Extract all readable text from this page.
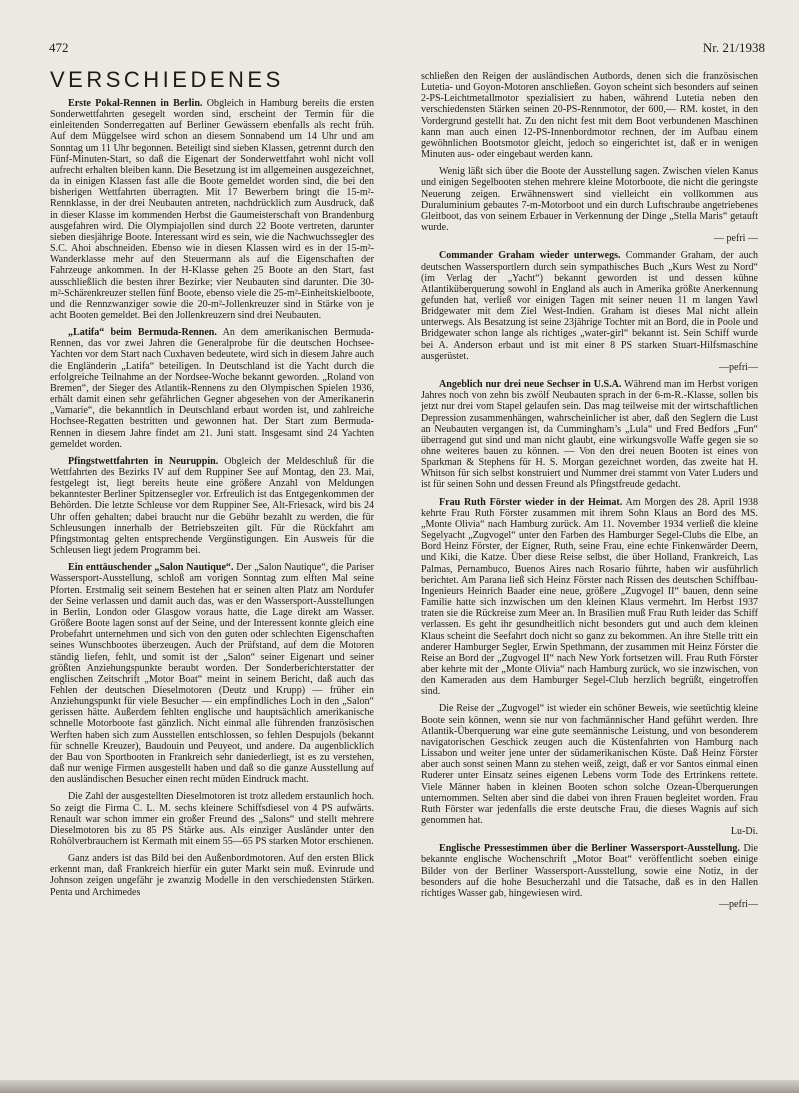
472	Nr. 21/1938
VERSCHIEDENES

Erste Pokal-Rennen in Berlin. Obgleich in Hamburg bereits die ersten Sonderwettfahrten gesegelt worden sind, erscheint der Termin für die einleitenden Sonderregatten auf Berliner Gewässern ebenfalls als recht früh. Auf dem Müggelsee wird schon an diesem Sonnabend um 14 Uhr und am Sonntag um 11 Uhr begonnen. Beteiligt sind sieben Klassen, getrennt durch den Fünf-Minuten-Start, so daß die Eigenart der Sonderwettfahrt wohl nicht voll aufrecht erhalten bleiben kann. Die Besetzung ist im allgemeinen ausgezeichnet, da in einigen Klassen fast alle die Boote gemeldet worden sind, die bei den bisherigen Wettfahrten überragten. Mit 17 Bewerbern bringt die 15-m²-Rennklasse, in der drei Neubauten antreten, nachdrücklich zum Ausdruck, daß in dieser Klasse im kommenden Herbst die Gaumeisterschaft von Brandenburg ausgefahren wird. Die Olympiajollen sind durch 22 Boote vertreten, darunter sieben diesjährige Boote. Interessant wird es sein, wie die Nachwuchssegler des S.C. Ahoi abschneiden. Ebenso wie in diesen Klassen wird es in der 15-m²-Wanderklasse mehr auf den Steuermann als auf die Eigenschaften der Fahrzeuge ankommen. In der H-Klasse gehen 25 Boote an den Start, fast ausschließlich die besten ihrer Bezirke; vier Neubauten sind darunter. Die 30-m²-Schärenkreuzer stellen fünf Boote, ebenso viele die 25-m²-Einheitskielboote, und die Rennzwanziger sowie die 20-m²-Jollenkreuzer sind in Stärke von je acht Booten gemeldet. Bei den Jollenkreuzern sind drei Neubauten.

„Latifa“ beim Bermuda-Rennen. An dem amerikanischen Bermuda-Rennen, das vor zwei Jahren die Generalprobe für die deutschen Hochsee-Yachten vor dem Start nach Cuxhaven bedeutete, wird sich in diesem Jahre auch die Engländerin „Latifa“ beteiligen. In Deutschland ist die Yacht durch die erfolgreiche Teilnahme an der Nordsee-Woche bekannt geworden. „Roland von Bremen“, der Sieger des Atlantik-Rennens zu den Olympischen Spielen 1936, erhält damit einen sehr gefährlichen Gegner abgesehen von der Amerikanerin „Vamarie“, die bekanntlich in Deutschland erbaut worden ist, und zahlreiche Hochsee-Regatten bestritten und gewonnen hat. Der Start zum Bermuda-Rennen in diesem Jahre findet am 21. Juni statt. Insgesamt sind 24 Yachten gemeldet worden.

Pfingstwettfahrten in Neuruppin. Obgleich der Meldeschluß für die Wettfahrten des Bezirks IV auf dem Ruppiner See auf Montag, den 23. Mai, festgelegt ist, liegt bereits heute eine größere Anzahl von Meldungen bekanntester Berliner Spitzensegler vor. Erfreulich ist das Entgegenkommen der Behörden. Die letzte Schleuse vor dem Ruppiner See, Alt-Friesack, wird bis 24 Uhr offen gehalten; dabei braucht nur die Gebühr bezahlt zu werden, die für Schleusungen innerhalb der Betriebszeiten gilt. Für die Rückfahrt am Pfingstmontag gelten entsprechende Vergünstigungen. Ein Ausweis für die Schleusen liegt jedem Programm bei.

Ein enttäuschender „Salon Nautique“. Der „Salon Nautique“, die Pariser Wassersport-Ausstellung, schloß am vorigen Sonntag zum elften Mal seine Pforten. Erstmalig seit seinem Bestehen hat er seinen alten Platz am Nordufer der Seine verlassen und damit auch das, was er den Wassersport-Ausstellungen in Berlin, London oder Glasgow voraus hatte, die Lage direkt am Wasser. Größere Boote lagen sonst auf der Seine, und der Interessent konnte gleich eine Probefahrt unternehmen und sich von den guten oder schlechten Eigenschaften seines Wunschbootes überzeugen. Auch der Prüfstand, auf dem die Motoren ständig liefen, fehlt, und somit ist der „Salon“ seiner Eigenart und seiner größten Anziehungspunkte beraubt worden. Der Sonderberichterstatter der englischen Zeitschrift „Motor Boat“ meint in seinem Bericht, daß auch das Fehlen der deutschen Dieselmotoren (Deutz und Krupp) — früher ein Anziehungspunkt für viele Besucher — ein empfindliches Loch in den „Salon“ gerissen hätte. Außerdem fehlten englische und hauptsächlich amerikanische schnelle Motorboote fast gänzlich. Nicht einmal alle führenden französischen Werften haben sich zum Ausstellen entschlossen, so fehlen Despujols (bekannt für schnelle Kreuzer), Baudouin und Peuyeot, und andere. Da augenblicklich der Bau von Sportbooten in Frankreich sehr daniederliegt, ist es zu verstehen, daß nur wenige Firmen ausgestellt haben und daß so die ganze Ausstellung auf den ausländischen Besucher einen recht müden Eindruck macht.

Die Zahl der ausgestellten Dieselmotoren ist trotz alledem erstaunlich hoch. So zeigt die Firma C. L. M. sechs kleinere Schiffsdiesel von 4 PS aufwärts. Renault war schon immer ein großer Freund des „Salons“ und stellt mehrere Dieselmotoren bis zu 85 PS Stärke aus. Als einziger Ausländer unter den Rohölverbrauchern ist Kermath mit einem 55—65 PS starken Motor erschienen.

Ganz anders ist das Bild bei den Außenbordmotoren. Auf den ersten Blick erkennt man, daß Frankreich hierfür ein guter Markt sein muß. Evinrude und Johnson zeigen ungefähr je zwanzig Modelle in den verschiedensten Stärken. Penta und Archimedes

schließen den Reigen der ausländischen Autbords, denen sich die französischen Lutetia- und Goyon-Motoren anschließen. Goyon scheint sich besonders auf seinen 2-PS-Leichtmetallmotor spezialisiert zu haben, während Lutetia neben den verschiedensten Stärken seinen 20-PS-Rennmotor, der 600,— RM. kostet, in den Vordergrund gestellt hat. Zu den nicht fest mit dem Boot verbundenen Maschinen kann man auch einen 12-PS-Innenbordmotor rechnen, der im Aufbau einem gewöhnlichen Bootsmotor gleicht, jedoch so eingerichtet ist, daß er in wenigen Minuten aus- oder eingebaut werden kann.

Wenig läßt sich über die Boote der Ausstellung sagen. Zwischen vielen Kanus und einigen Segelbooten stehen mehrere kleine Motorboote, die nicht die geringste Neuerung zeigen. Erwähnenswert sind vielleicht ein vollkommen aus Duraluminium gebautes 7-m-Motorboot und ein durch Luftschraube angetriebenes Gleitboot, das von seinem Erbauer in Verkennung der Dinge „Stella Maris“ getauft wurde.
— pefri —

Commander Graham wieder unterwegs. Commander Graham, der auch deutschen Wassersportlern durch sein sympathisches Buch „Kurs West zu Nord“ (im Verlag der „Yacht“) bekannt geworden ist und dessen kühne Atlantiküberquerung sowohl in England als auch in Amerika größte Anerkennung gefunden hat, verließ vor einigen Tagen mit seiner neuen 11 m langen Yawl Bridgewater mit dem Ziel West-Indien. Graham ist dieses Mal nicht allein unterwegs. Als Besatzung ist seine 23jährige Tochter mit an Bord, die in Poole und Bridgewater schon lange als richtiges „water-girl“ bekannt ist. Sein Schiff wurde bei A. Anderson erbaut und ist mit einer 8 PS starken Stuart-Hilfsmaschine ausgerüstet.
—pefri—

Angeblich nur drei neue Sechser in U.S.A. Während man im Herbst vorigen Jahres noch von zehn bis zwölf Neubauten sprach in der 6-m-R.-Klasse, sollen bis jetzt nur drei vom Stapel gelaufen sein. Das mag teilweise mit der wirtschaftlichen Depression zusammenhängen, wahrscheinlicher ist aber, daß den Seglern die Lust an Neubauten vergangen ist, da Cummingham’s „Lula“ und Fred Bedfors „Fun“ überragend gut sind und man nicht glaubt, eine wirkungsvolle Waffe gegen sie so ohne weiteres bauen zu können. — Von den drei neuen Booten ist eines von Sparkman & Stephens für H. S. Morgan gezeichnet worden, das zweite hat H. Whitson für sich selbst konstruiert und Nummer drei stammt von Vater Luders und ist für seinen Sohn und dessen Freund als Pfingstfreude gedacht.

Frau Ruth Förster wieder in der Heimat. Am Morgen des 28. April 1938 kehrte Frau Ruth Förster zusammen mit ihrem Sohn Klaus an Bord des MS. „Monte Olivia“ nach Hamburg zurück. Am 11. November 1934 verließ die kleine Segelyacht „Zugvogel“ unter den Farben des Hamburger Segel-Clubs die Elbe, an Bord Heinz Förster, der Eigner, Ruth, seine Frau, eine echte Finkenwärder Deern, und Kiki, die Katze. Über diese Reise selbst, die über Holland, Frankreich, Las Palmas, Pernambuco, Buenos Aires nach Rosario führte, haben wir ausführlich berichtet. Am Parana ließ sich Heinz Förster nach Rissen des deutschen Schiffbau-Ingenieurs Heinrich Baader eine neue, größere „Zugvogel II“ bauen, denn seine Familie hatte sich inzwischen um den kleinen Klaus vermehrt. Im Herbst 1937 traten sie die Rückreise zum Meer an. In Brasilien muß Frau Ruth leider das Schiff verlassen. Es geht ihr gesundheitlich nicht besonders gut und auch dem kleinen Klaus scheint die Seefahrt doch nicht so ganz zu bekommen. An ihre Stelle tritt ein anderer Hamburger Segler, Erwin Spethmann, der zusammen mit Heinz Förster die Reise an Bord der „Zugvogel II“ nach New York fortsetzen will. Frau Ruth Förster aber kehrte mit der „Monte Olivia“ nach Hamburg zurück, wo sie inzwischen, von den Kameraden aus dem Hamburger Segel-Club herzlich begrüßt, eingetroffen sind.

Die Reise der „Zugvogel“ ist wieder ein schöner Beweis, wie seetüchtig kleine Boote sein können, wenn sie nur von fachmännischer Hand geführt werden. Ihre Atlantik-Überquerung war eine gute seemännische Leistung, und von besonderem navigatorischen Geschick zeugen auch die Küstenfahrten von Hamburg nach Lissabon und weiter jene unter der südamerikanischen Küste. Daß Heinz Förster aber auch sonst seinen Mann zu stehen weiß, zeigt, daß er vor Santos einmal einen Ruderer unter Einsatz seines eigenen Lebens vorm Tode des Ertrinkens rettete. Viele Männer haben in kleinen Booten schon solche Ozean-Überquerungen unternommen. Selten aber sind die dabei von ihren Frauen begleitet worden. Frau Ruth Förster war jedenfalls die erste deutsche Frau, die dieses Wagnis auf sich genommen hat.
Lu-Di.

Englische Pressestimmen über die Berliner Wassersport-Ausstellung. Die bekannte englische Wochenschrift „Motor Boat“ veröffentlicht soeben einige Bilder von der Berliner Wassersport-Ausstellung, sowie eine Notiz, in der besonders auf die hohe Besucherzahl und die Tatsache, daß es in den Hallen richtiges Wasser gab, hingewiesen wird.
—pefri—
